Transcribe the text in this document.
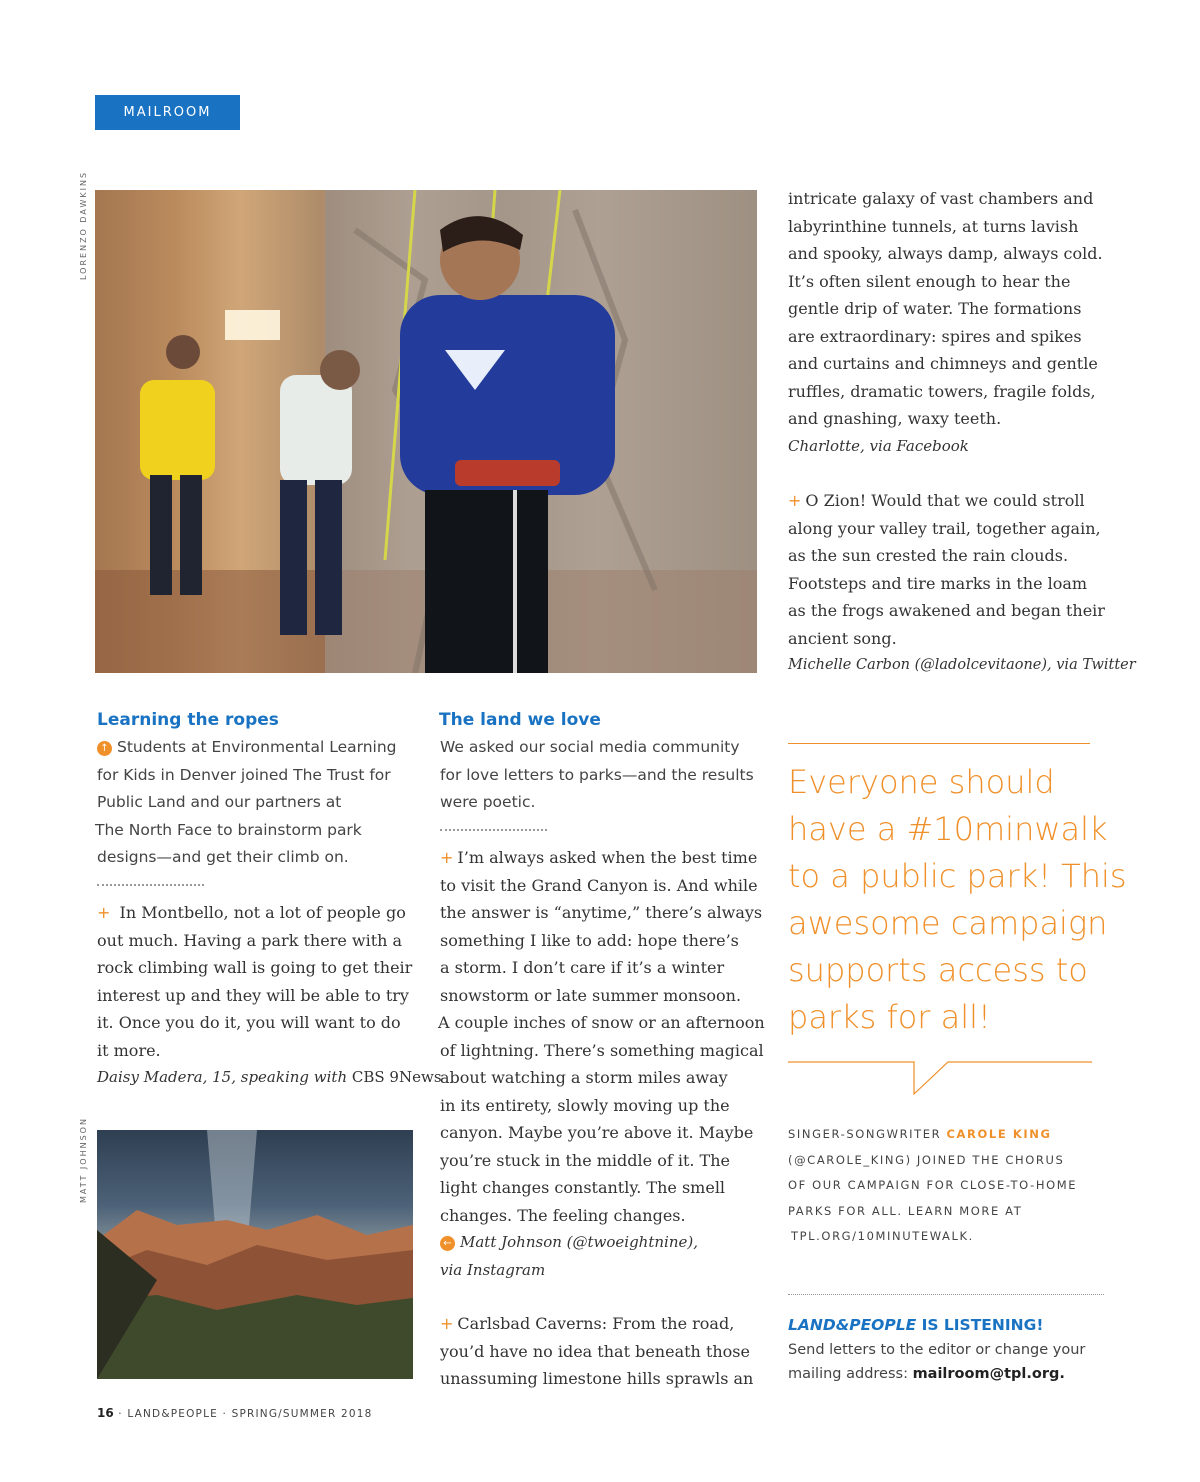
MAILROOM
LORENZO DAWKINS
MATT JOHNSON
Learning the ropes
↑ Students at Environmental Learning
for Kids in Denver joined The Trust for
Public Land and our partners at
The North Face to brainstorm park
designs—and get their climb on.
+ In Montbello, not a lot of people go
out much. Having a park there with a
rock climbing wall is going to get their
interest up and they will be able to try
it. Once you do it, you will want to do
it more.
Daisy Madera, 15, speaking with CBS 9News
The land we love
We asked our social media community
for love letters to parks—and the results
were poetic.
+ I’m always asked when the best time
to visit the Grand Canyon is. And while
the answer is “anytime,” there’s always
something I like to add: hope there’s
a storm. I don’t care if it’s a winter
snowstorm or late summer monsoon.
A couple inches of snow or an afternoon
of lightning. There’s something magical
about watching a storm miles away
in its entirety, slowly moving up the
canyon. Maybe you’re above it. Maybe
you’re stuck in the middle of it. The
light changes constantly. The smell
changes. The feeling changes.
← Matt Johnson (@twoeightnine),
via Instagram
+ Carlsbad Caverns: From the road,
you’d have no idea that beneath those
unassuming limestone hills sprawls an
intricate galaxy of vast chambers and
labyrinthine tunnels, at turns lavish
and spooky, always damp, always cold.
It’s often silent enough to hear the
gentle drip of water. The formations
are extraordinary: spires and spikes
and curtains and chimneys and gentle
ruffles, dramatic towers, fragile folds,
and gnashing, waxy teeth.
Charlotte, via Facebook
+ O Zion! Would that we could stroll
along your valley trail, together again,
as the sun crested the rain clouds.
Footsteps and tire marks in the loam
as the frogs awakened and began their
ancient song.
Michelle Carbon (@ladolcevitaone), via Twitter
Everyone should
have a #10minwalk
to a public park! This
awesome campaign
supports access to
parks for all!
SINGER-SONGWRITER CAROLE KING
(@CAROLE_KING) JOINED THE CHORUS
OF OUR CAMPAIGN FOR CLOSE-TO-HOME
PARKS FOR ALL. LEARN MORE AT
TPL.ORG/10MINUTEWALK.
LAND&PEOPLE IS LISTENING!
Send letters to the editor or change your
mailing address: mailroom@tpl.org.
16 · LAND&PEOPLE · SPRING/SUMMER 2018
